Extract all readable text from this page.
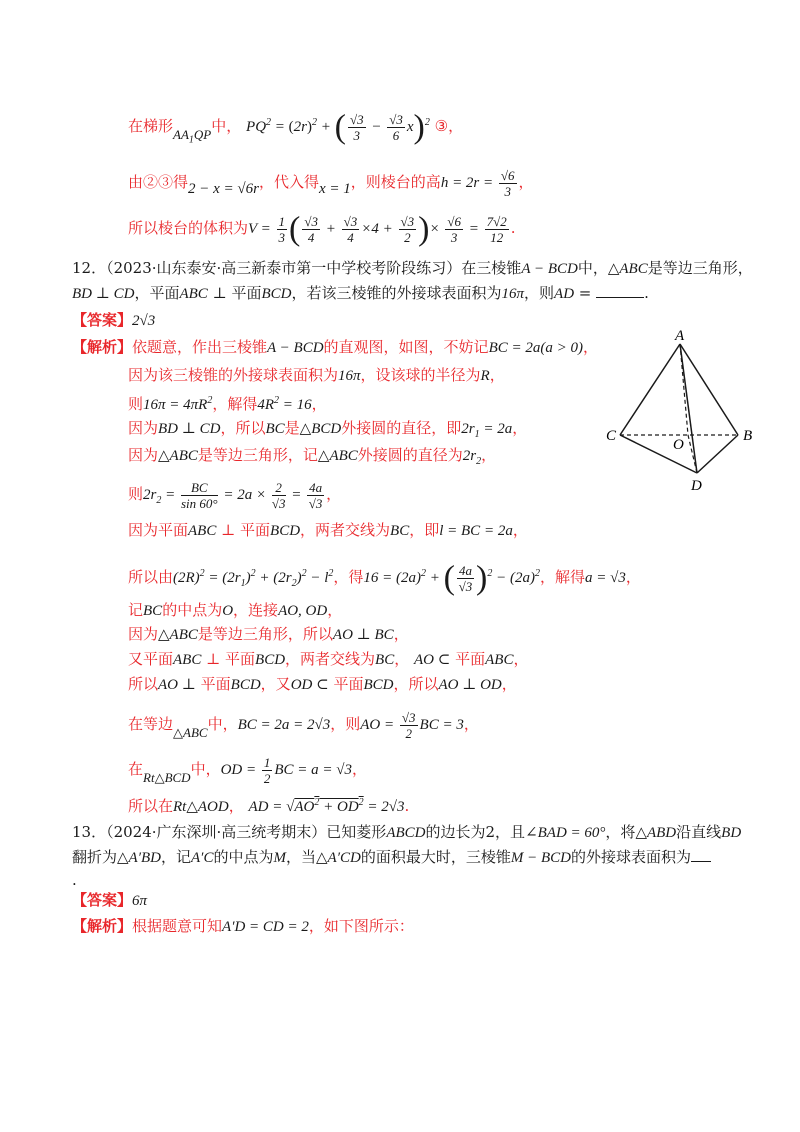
在梯形$AA_1QP$中， $PQ^2 = (2r)^2$ + ( $\frac{√3}{3} - \frac{√3}{6} x)^2$ ③，
由②③得2 − x = √6r，代入得x = 1，则棱台的高$h = 2r = \frac{√6}{3}$ ，
所以棱台的体积为$V = \frac{1}{3}$ ( $\frac{√3}{4} + \frac{√3}{4} \times 4 + \frac{√3}{2}$ )× $\frac{√6}{3} = \frac{7√2}{12}$ .
12．（2023·山东泰安·高三新泰市第一中学校考阶段练习）在三棱锥A − BCD中，△ABC是等边三角形，
BD ⊥ CD，平面ABC ⊥ 平面BCD，若该三棱锥的外接球表面积为16π，则AD =	.
【答案】2√3
【解析】依题意，作出三棱锥A − BCD的直观图，如图，不妨记BC = 2a(a > 0)，
因为该三棱锥的外接球表面积为16π，设该球的半径为R，
则$16\pi = 4\pi R^2$，解得$4R^2 = 16$，
因为BD ⊥ CD，所以BC是△BCD外接圆的直径，即$2r_1 = 2a$，
因为△ABC是等边三角形，记△ABC外接圆的直径为$2r_2$，
则$2r_2 = \frac{BC}{\sin 60^\circ} = 2a \times \frac{2}{√3} = \frac{4a}{√3}$ ，
因为平面ABC ⊥ 平面BCD，两者交线为BC，即l = BC = 2a，
所以由$(2R)^2 = (2r_1)^2 + (2r_2)^2 - l^2$，得$16 = (2a)^2$ + ( $\frac{4a}{√3} )^2 - (2a)^2$，解得a = √3，
记BC的中点为O，连接AO, OD，
因为△ABC是等边三角形，所以AO ⊥ BC，
又平面ABC ⊥ 平面BCD，两者交线为BC， AO ⊂ 平面ABC，
所以AO ⊥ 平面BCD，又OD ⊂ 平面BCD，所以AO ⊥ OD，
在等边△ABC中，BC = 2a = 2√3，则AO = $\frac{√3}{2}$ BC = 3，
在Rt△BCD中，OD = $\frac{1}{2}$ BC = a = √3，
所以在Rt△AOD， AD = $√AO^2 + OD^2 = 2√3$.
13．（2024·广东深圳·高三统考期末）已知菱形ABCD的边长为2，且∠BAD = 60°，将△ABD沿直线BD
翻折为△A′BD，记A′C的中点为M，当△A′CD的面积最大时，三棱锥M − BCD的外接球表面积为
.
【答案】6π
【解析】根据题意可知A′D = CD = 2，如下图所示：
A
C	B
D
O
